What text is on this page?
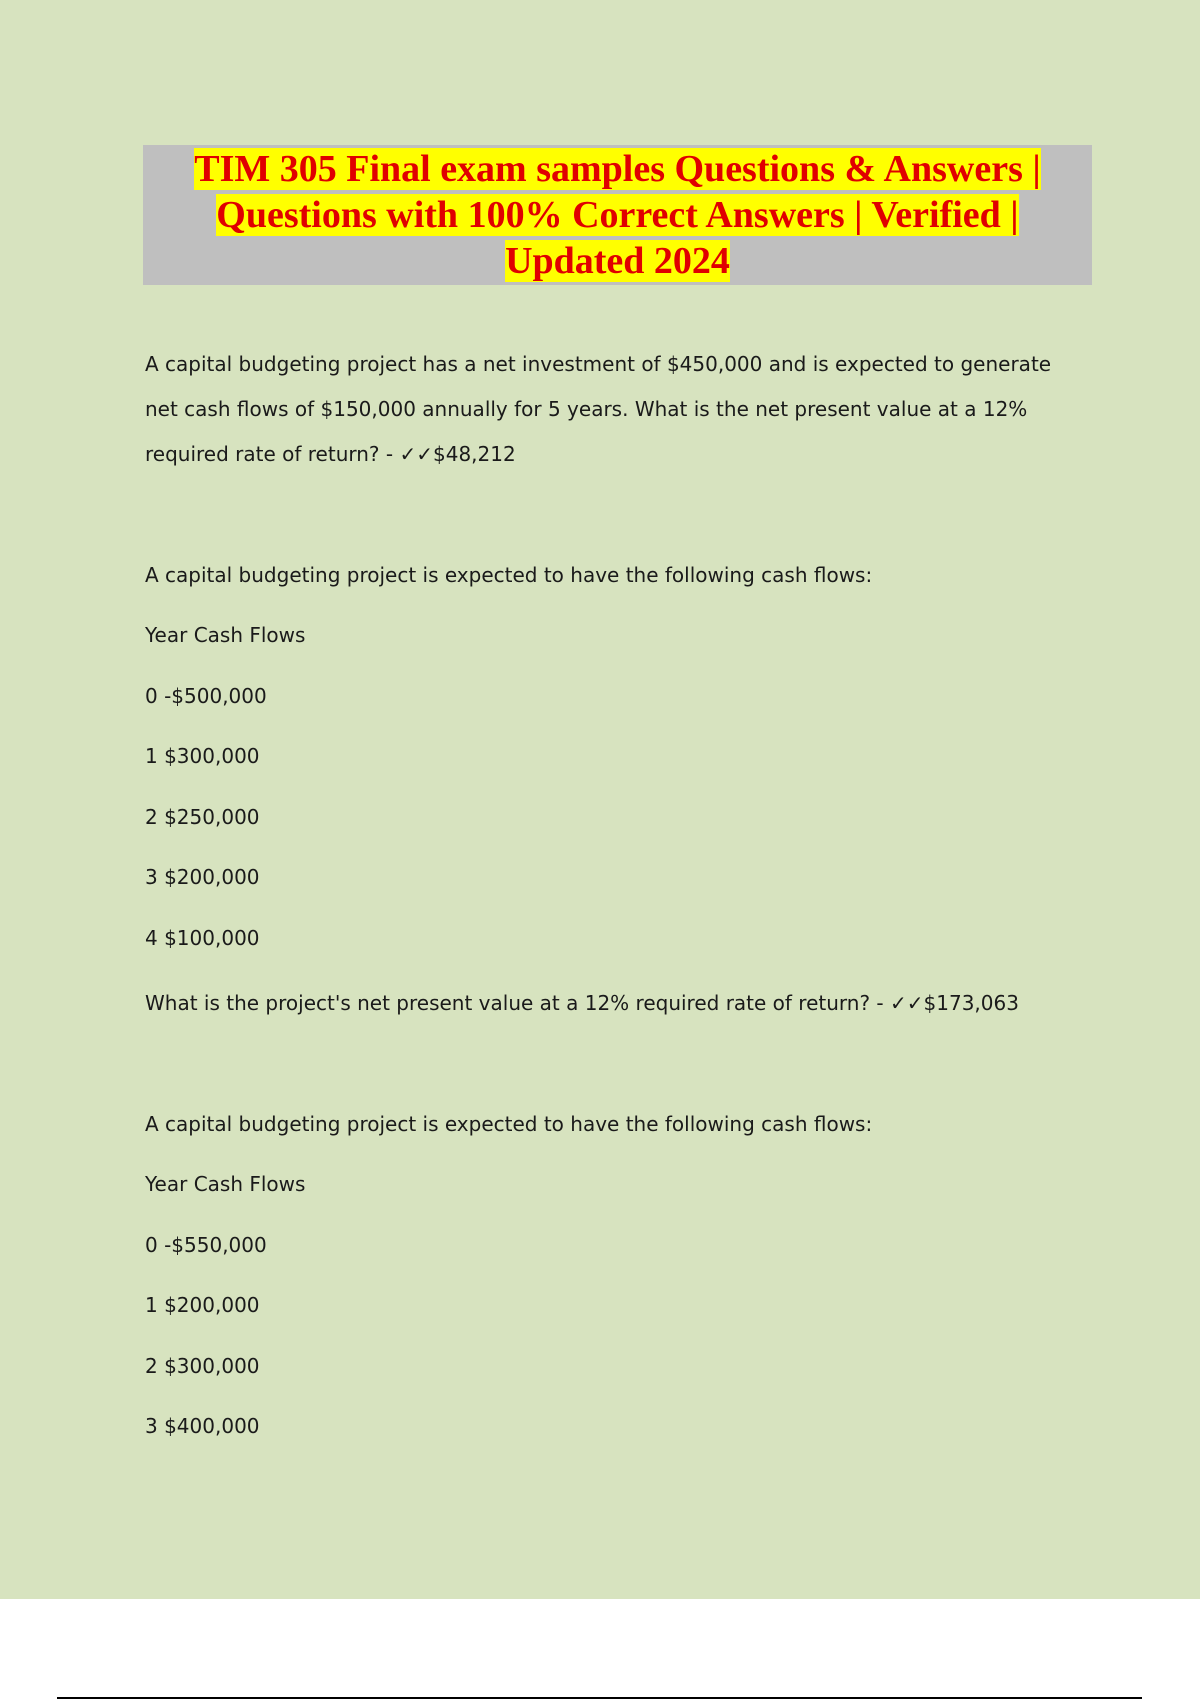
TIM 305 Final exam samples Questions & Answers |
Questions with 100% Correct Answers | Verified |
Updated 2024

A capital budgeting project has a net investment of $450,000 and is expected to generate net cash flows of $150,000 annually for 5 years. What is the net present value at a 12% required rate of return? - ✓✓$48,212

A capital budgeting project is expected to have the following cash flows:
Year Cash Flows
0 -$500,000
1 $300,000
2 $250,000
3 $200,000
4 $100,000
What is the project's net present value at a 12% required rate of return? - ✓✓$173,063
A capital budgeting project is expected to have the following cash flows:
Year Cash Flows
0 -$550,000
1 $200,000
2 $300,000
3 $400,000
